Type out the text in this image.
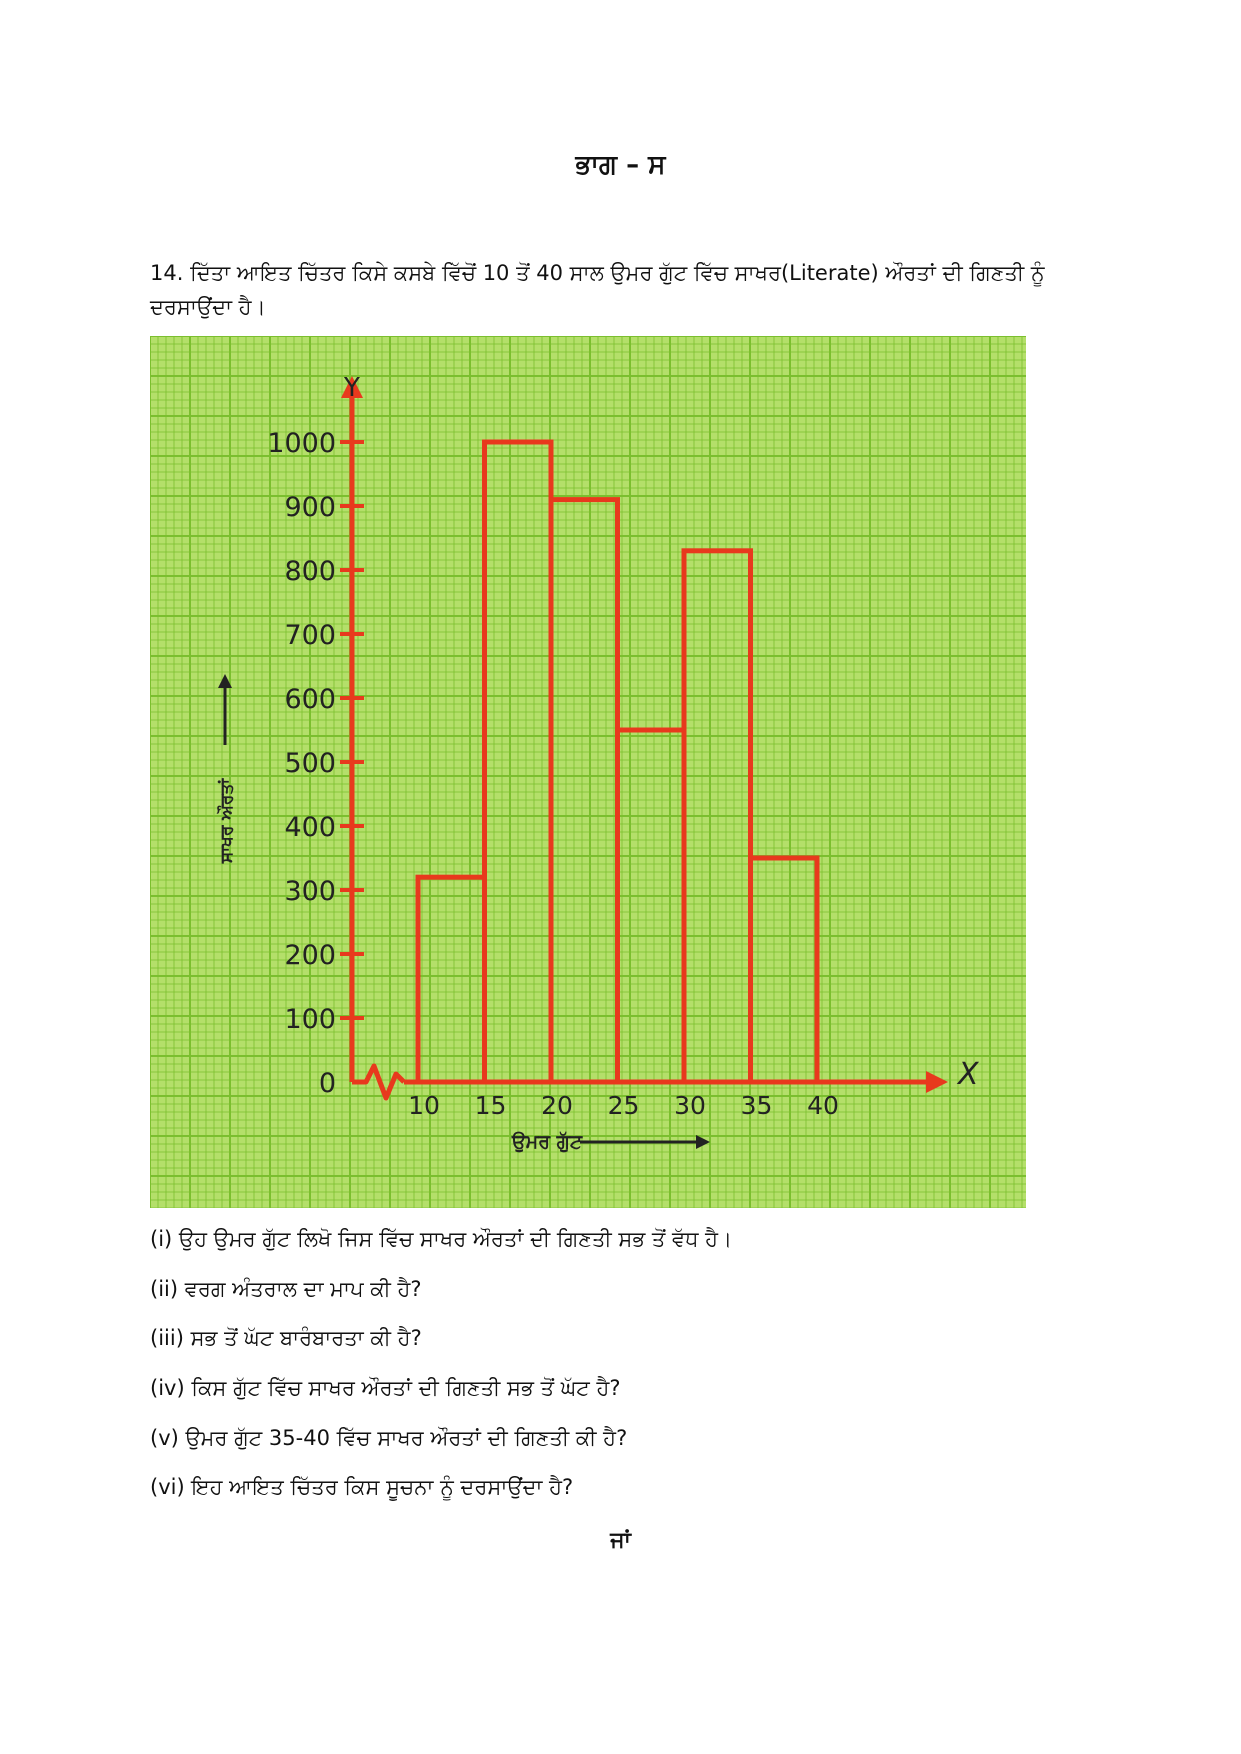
ਭਾਗ – ਸ
14. ਦਿੱਤਾ ਆਇਤ ਚਿੱਤਰ ਕਿਸੇ ਕਸਬੇ ਵਿੱਚੋਂ 10 ਤੋਂ 40 ਸਾਲ ਉਮਰ ਗੁੱਟ ਵਿੱਚ ਸਾਖਰ(Literate) ਔਰਤਾਂ ਦੀ ਗਿਣਤੀ ਨੂੰ ਦਰਸਾਉਂਦਾ ਹੈ।
0
100
200
300
400
500
600
700
800
900
1000
10 15 20 25 30 35 40
X
Y
ਸਾਖਰ ਔਰਤਾਂ
ਉਮਰ ਗੁੱਟ
(i) ਉਹ ਉਮਰ ਗੁੱਟ ਲਿਖੋ ਜਿਸ ਵਿੱਚ ਸਾਖਰ ਔਰਤਾਂ ਦੀ ਗਿਣਤੀ ਸਭ ਤੋਂ ਵੱਧ ਹੈ।
(ii) ਵਰਗ ਅੰਤਰਾਲ ਦਾ ਮਾਪ ਕੀ ਹੈ?
(iii) ਸਭ ਤੋਂ ਘੱਟ ਬਾਰੰਬਾਰਤਾ ਕੀ ਹੈ?
(iv) ਕਿਸ ਗੁੱਟ ਵਿੱਚ ਸਾਖਰ ਔਰਤਾਂ ਦੀ ਗਿਣਤੀ ਸਭ ਤੋਂ ਘੱਟ ਹੈ?
(v) ਉਮਰ ਗੁੱਟ 35-40 ਵਿੱਚ ਸਾਖਰ ਔਰਤਾਂ ਦੀ ਗਿਣਤੀ ਕੀ ਹੈ?
(vi) ਇਹ ਆਇਤ ਚਿੱਤਰ ਕਿਸ ਸੂਚਨਾ ਨੂੰ ਦਰਸਾਉਂਦਾ ਹੈ?
ਜਾਂ
